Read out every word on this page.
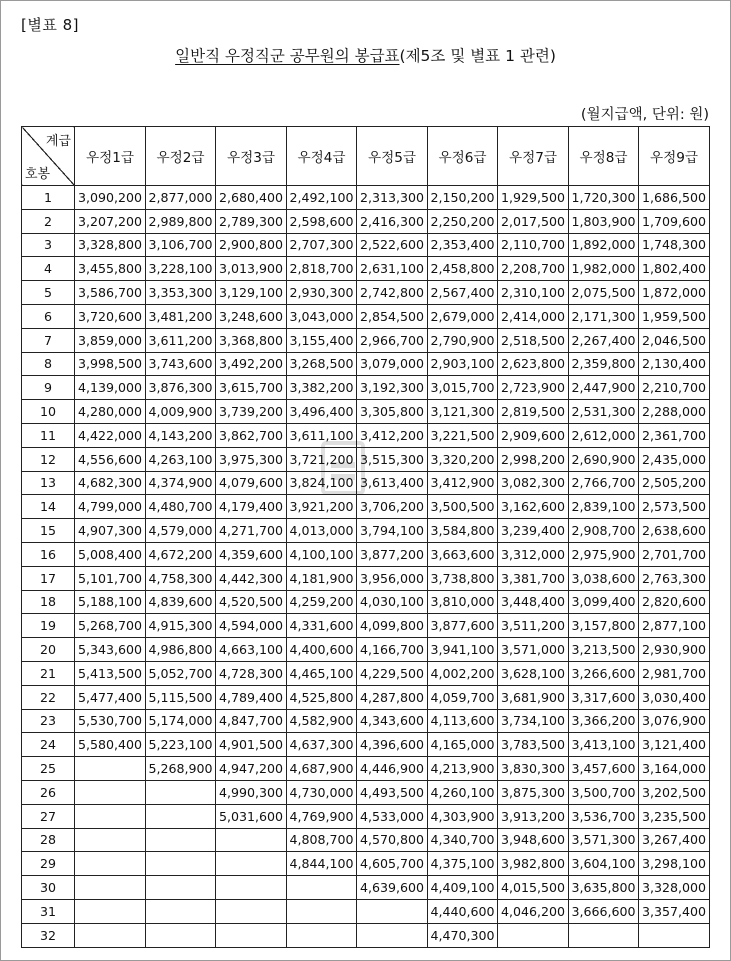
[별표 8]
일반직 우정직군 공무원의 봉급표(제5조 및 별표 1 관련)
(월지급액, 단위: 원)
계급
호봉	우정1급	우정2급	우정3급	우정4급	우정5급	우정6급	우정7급	우정8급	우정9급
1	3,090,200	2,877,000	2,680,400	2,492,100	2,313,300	2,150,200	1,929,500	1,720,300	1,686,500
2	3,207,200	2,989,800	2,789,300	2,598,600	2,416,300	2,250,200	2,017,500	1,803,900	1,709,600
3	3,328,800	3,106,700	2,900,800	2,707,300	2,522,600	2,353,400	2,110,700	1,892,000	1,748,300
4	3,455,800	3,228,100	3,013,900	2,818,700	2,631,100	2,458,800	2,208,700	1,982,000	1,802,400
5	3,586,700	3,353,300	3,129,100	2,930,300	2,742,800	2,567,400	2,310,100	2,075,500	1,872,000
6	3,720,600	3,481,200	3,248,600	3,043,000	2,854,500	2,679,000	2,414,000	2,171,300	1,959,500
7	3,859,000	3,611,200	3,368,800	3,155,400	2,966,700	2,790,900	2,518,500	2,267,400	2,046,500
8	3,998,500	3,743,600	3,492,200	3,268,500	3,079,000	2,903,100	2,623,800	2,359,800	2,130,400
9	4,139,000	3,876,300	3,615,700	3,382,200	3,192,300	3,015,700	2,723,900	2,447,900	2,210,700
10	4,280,000	4,009,900	3,739,200	3,496,400	3,305,800	3,121,300	2,819,500	2,531,300	2,288,000
11	4,422,000	4,143,200	3,862,700	3,611,100	3,412,200	3,221,500	2,909,600	2,612,000	2,361,700
12	4,556,600	4,263,100	3,975,300	3,721,200	3,515,300	3,320,200	2,998,200	2,690,900	2,435,000
13	4,682,300	4,374,900	4,079,600	3,824,100	3,613,400	3,412,900	3,082,300	2,766,700	2,505,200
14	4,799,000	4,480,700	4,179,400	3,921,200	3,706,200	3,500,500	3,162,600	2,839,100	2,573,500
15	4,907,300	4,579,000	4,271,700	4,013,000	3,794,100	3,584,800	3,239,400	2,908,700	2,638,600
16	5,008,400	4,672,200	4,359,600	4,100,100	3,877,200	3,663,600	3,312,000	2,975,900	2,701,700
17	5,101,700	4,758,300	4,442,300	4,181,900	3,956,000	3,738,800	3,381,700	3,038,600	2,763,300
18	5,188,100	4,839,600	4,520,500	4,259,200	4,030,100	3,810,000	3,448,400	3,099,400	2,820,600
19	5,268,700	4,915,300	4,594,000	4,331,600	4,099,800	3,877,600	3,511,200	3,157,800	2,877,100
20	5,343,600	4,986,800	4,663,100	4,400,600	4,166,700	3,941,100	3,571,000	3,213,500	2,930,900
21	5,413,500	5,052,700	4,728,300	4,465,100	4,229,500	4,002,200	3,628,100	3,266,600	2,981,700
22	5,477,400	5,115,500	4,789,400	4,525,800	4,287,800	4,059,700	3,681,900	3,317,600	3,030,400
23	5,530,700	5,174,000	4,847,700	4,582,900	4,343,600	4,113,600	3,734,100	3,366,200	3,076,900
24	5,580,400	5,223,100	4,901,500	4,637,300	4,396,600	4,165,000	3,783,500	3,413,100	3,121,400
25		5,268,900	4,947,200	4,687,900	4,446,900	4,213,900	3,830,300	3,457,600	3,164,000
26			4,990,300	4,730,000	4,493,500	4,260,100	3,875,300	3,500,700	3,202,500
27			5,031,600	4,769,900	4,533,000	4,303,900	3,913,200	3,536,700	3,235,500
28				4,808,700	4,570,800	4,340,700	3,948,600	3,571,300	3,267,400
29				4,844,100	4,605,700	4,375,100	3,982,800	3,604,100	3,298,100
30					4,639,600	4,409,100	4,015,500	3,635,800	3,328,000
31						4,440,600	4,046,200	3,666,600	3,357,400
32						4,470,300			
